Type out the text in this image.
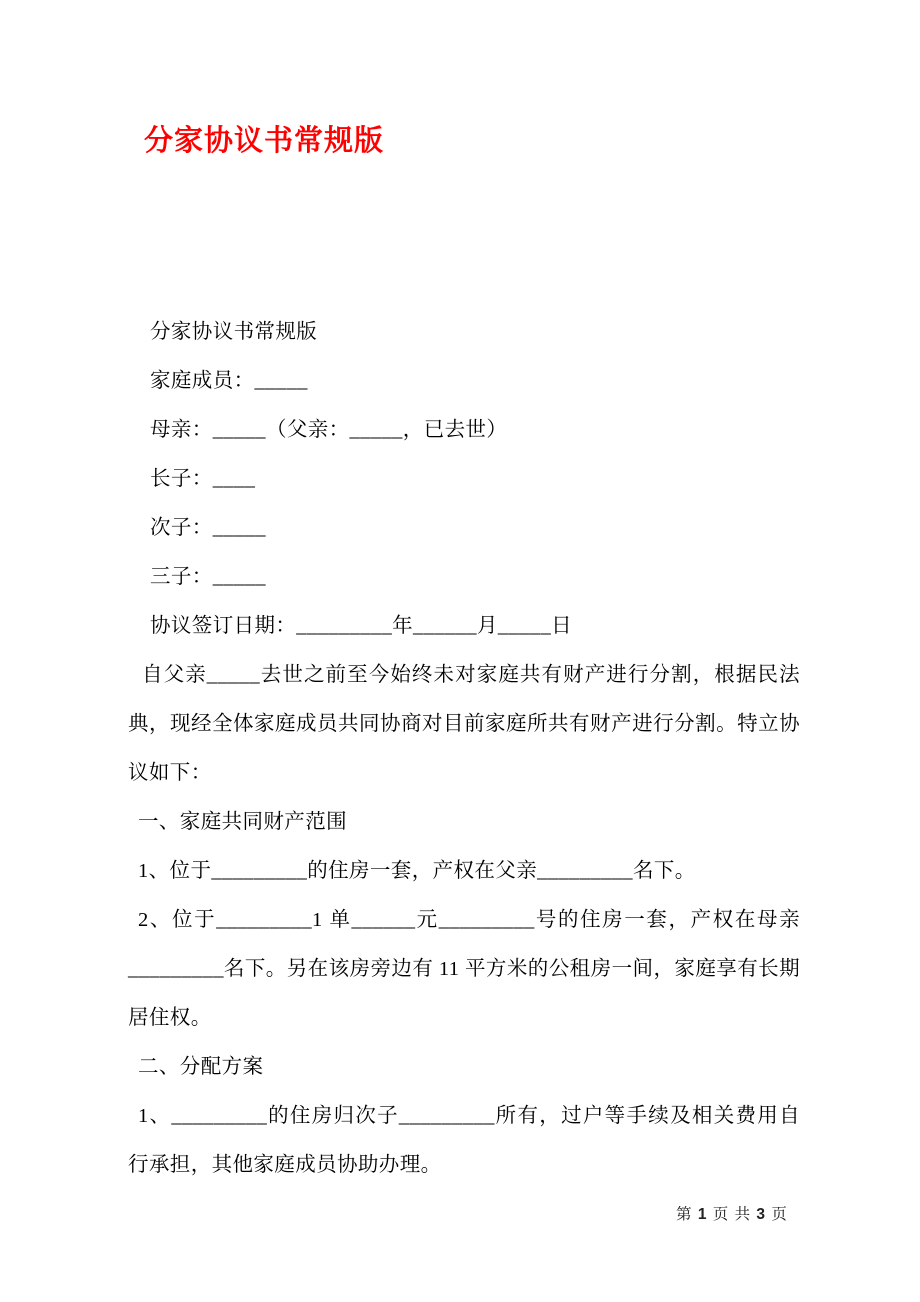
分家协议书常规版

分家协议书常规版

家庭成员：_____

母亲：_____（父亲：_____，已去世）

长子：____

次子：_____

三子：_____

协议签订日期：_________年______月_____日

自父亲_____去世之前至今始终未对家庭共有财产进行分割，根据民法典，现经全体家庭成员共同协商对目前家庭所共有财产进行分割。特立协议如下：

一、家庭共同财产范围

1、位于_________的住房一套，产权在父亲_________名下。

2、位于_________1 单______元_________号的住房一套，产权在母亲_________名下。另在该房旁边有 11 平方米的公租房一间，家庭享有长期居住权。

二、分配方案

1、_________的住房归次子_________所有，过户等手续及相关费用自行承担，其他家庭成员协助办理。

第 1 页 共 3 页
